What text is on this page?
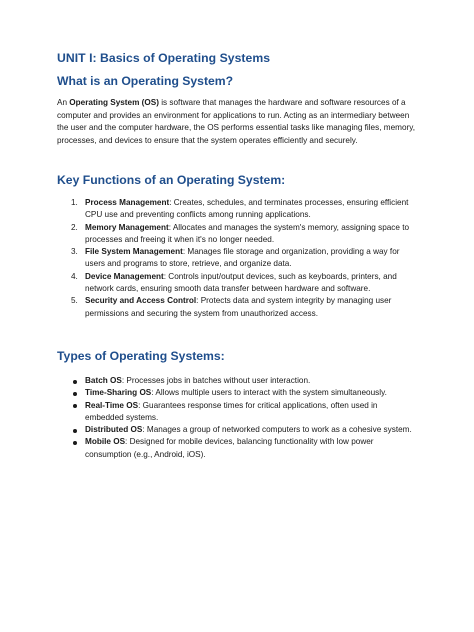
UNIT I: Basics of Operating Systems
What is an Operating System?

An Operating System (OS) is software that manages the hardware and software resources of a computer and provides an environment for applications to run. Acting as an intermediary between the user and the computer hardware, the OS performs essential tasks like managing files, memory, processes, and devices to ensure that the system operates efficiently and securely.

Key Functions of an Operating System:
1. Process Management: Creates, schedules, and terminates processes, ensuring efficient CPU use and preventing conflicts among running applications.
2. Memory Management: Allocates and manages the system's memory, assigning space to processes and freeing it when it's no longer needed.
3. File System Management: Manages file storage and organization, providing a way for users and programs to store, retrieve, and organize data.
4. Device Management: Controls input/output devices, such as keyboards, printers, and network cards, ensuring smooth data transfer between hardware and software.
5. Security and Access Control: Protects data and system integrity by managing user permissions and securing the system from unauthorized access.
Types of Operating Systems:
Batch OS: Processes jobs in batches without user interaction.
Time-Sharing OS: Allows multiple users to interact with the system simultaneously.
Real-Time OS: Guarantees response times for critical applications, often used in embedded systems.
Distributed OS: Manages a group of networked computers to work as a cohesive system.
Mobile OS: Designed for mobile devices, balancing functionality with low power consumption (e.g., Android, iOS).
